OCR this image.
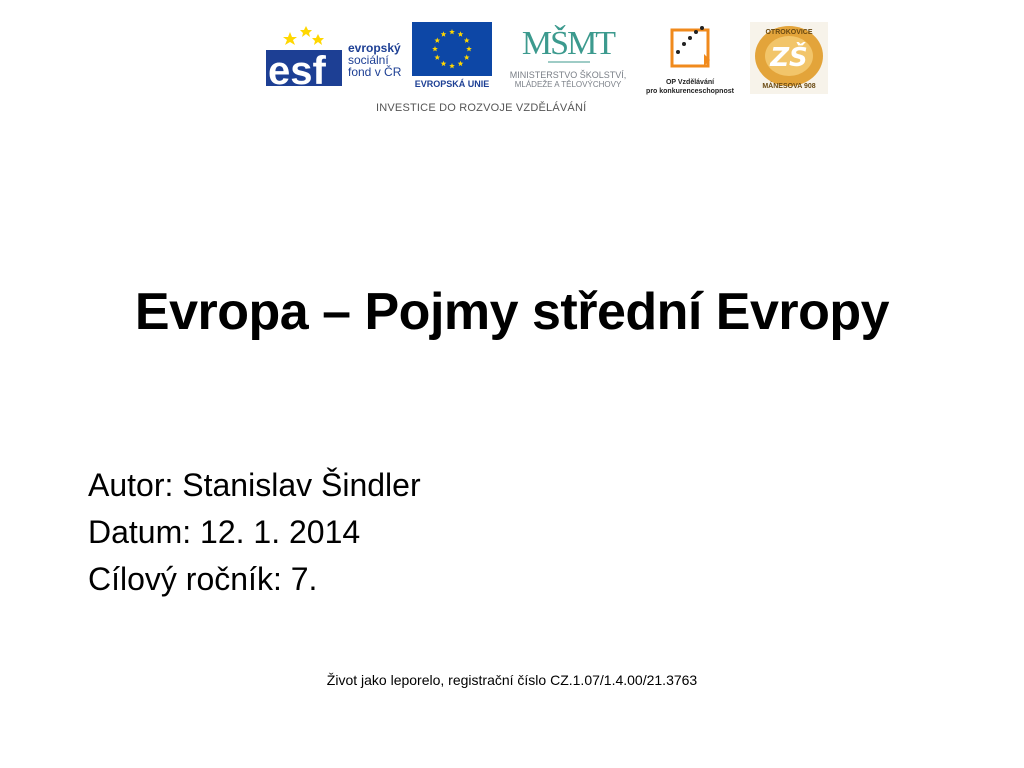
esf
evropský
sociální
fond v ČR
EVROPSKÁ UNIE
MŠMT
MINISTERSTVO ŠKOLSTVÍ,
MLÁDEŽE A TĚLOVÝCHOVY	OP Vzdělávání
pro konkurenceschopnost
ZŠ
OTROKOVICE
MÁNESOVA 908
INVESTICE DO ROZVOJE VZDĚLÁVÁNÍ
Evropa – Pojmy střední Evropy
Autor: Stanislav Šindler
Datum: 12. 1. 2014
Cílový ročník: 7.
Život jako leporelo, registrační číslo CZ.1.07/1.4.00/21.3763
